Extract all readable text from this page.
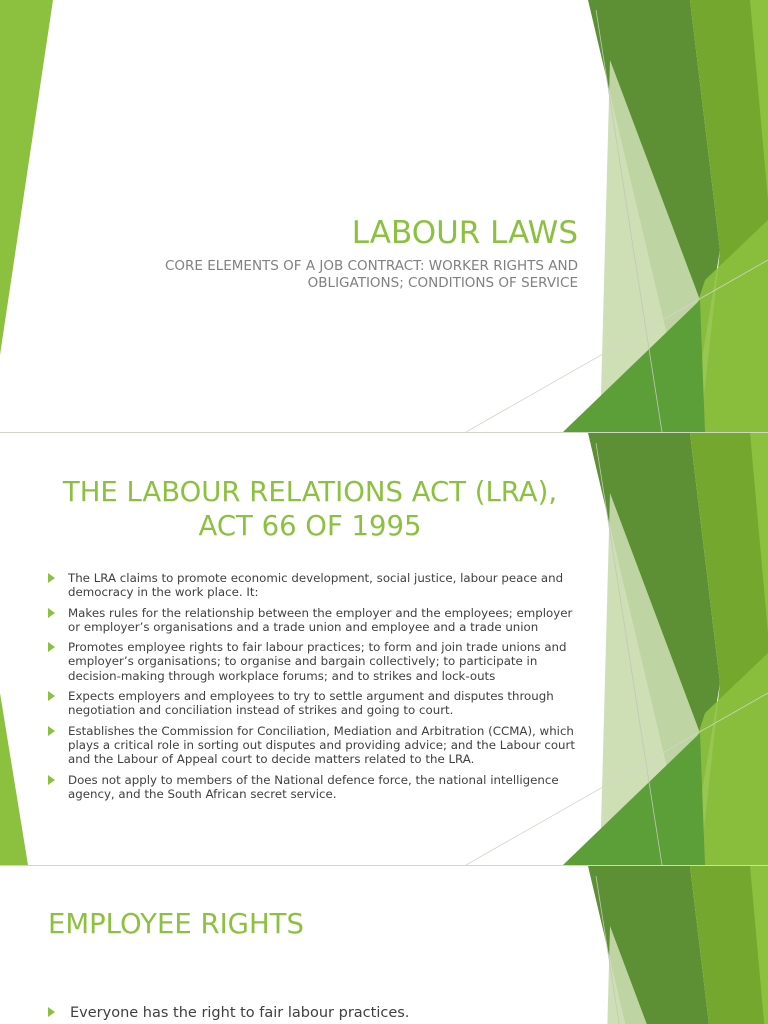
LABOUR LAWS

CORE ELEMENTS OF A JOB CONTRACT: WORKER RIGHTS AND OBLIGATIONS; CONDITIONS OF SERVICE

THE LABOUR RELATIONS ACT (LRA), ACT 66 OF 1995
The LRA claims to promote economic development, social justice, labour peace and democracy in the work place. It:
Makes rules for the relationship between the employer and the employees; employer or employer’s organisations and a trade union and employee and a trade union
Promotes employee rights to fair labour practices; to form and join trade unions and employer’s organisations; to organise and bargain collectively; to participate in decision-making through workplace forums; and to strikes and lock-outs
Expects employers and employees to try to settle argument and disputes through negotiation and conciliation instead of strikes and going to court.
Establishes the Commission for Conciliation, Mediation and Arbitration (CCMA), which plays a critical role in sorting out disputes and providing advice; and the Labour court and the Labour of Appeal court to decide matters related to the LRA.
Does not apply to members of the National defence force, the national intelligence agency, and the South African secret service.
EMPLOYEE RIGHTS
Everyone has the right to fair labour practices.
